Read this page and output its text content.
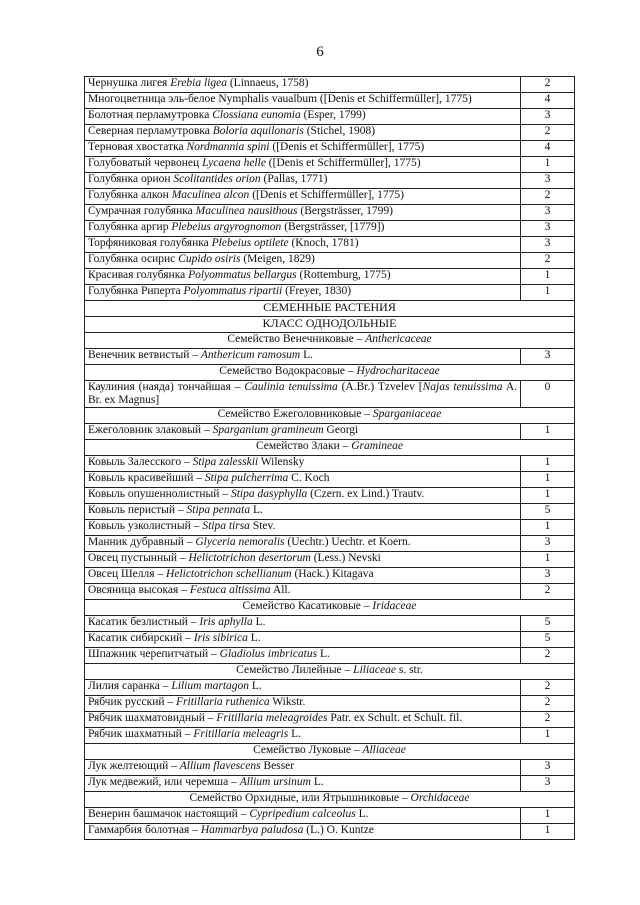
6
Чернушка лигея Erebia ligea (Linnaeus, 1758)	2
Многоцветница эль-белое Nymphalis vaualbum ([Denis et Schiffermüller], 1775)	4
Болотная перламутровка Clossiana eunomia (Esper, 1799)	3
Северная перламутровка Boloria aquilonaris (Stichel, 1908)	2
Терновая хвостатка Nordmannia spini ([Denis et Schiffermüller], 1775)	4
Голубоватый червонец Lycaena helle ([Denis et Schiffermüller], 1775)	1
Голубянка орион Scolitantides orion (Pallas, 1771)	3
Голубянка алкон Maculinea alcon ([Denis et Schiffermüller], 1775)	2
Сумрачная голубянка Maculinea nausithous (Bergsträsser, 1799)	3
Голубянка аргир Plebeius argyrognomon (Bergsträsser, [1779])	3
Торфяниковая голубянка Plebeius optilete (Knoch, 1781)	3
Голубянка осирис Cupido osiris (Meigen, 1829)	2
Красивая голубянка Polyommatus bellargus (Rottemburg, 1775)	1
Голубянка Риперта Polyommatus ripartii (Freyer, 1830)	1
СЕМЕННЫЕ РАСТЕНИЯ	
КЛАСС ОДНОДОЛЬНЫЕ	
Семейство Венечниковые – Anthericaceae	
Венечник ветвистый – Anthericum ramosum L.	3
Семейство Водокрасовые – Hydrocharitaceae	
Каулиния (наяда) тончайшая – Caulinia tenuissima (A.Br.) Tzvelev [Najas tenuissima A. Br. ex Magnus]	0
Семейство Ежеголовниковые – Sparganiaceae	
Ежеголовник злаковый – Sparganium gramineum Georgi	1
Семейство Злаки – Gramineae	
Ковыль Залесского – Stipa zalesskii Wilensky	1
Ковыль красивейший – Stipa pulcherrima C. Koch	1
Ковыль опушеннолистный – Stipa dasyphylla (Czern. ex Lind.) Trautv.	1
Ковыль перистый – Stipa pennata L.	5
Ковыль узколистный – Stipa tirsa Stev.	1
Манник дубравный – Glyceria nemoralis (Uechtr.) Uechtr. et Koern.	3
Овсец пустынный – Helictotrichon desertorum (Less.) Nevski	1
Овсец Шелля – Helictotrichon schellianum (Hack.) Kitagava	3
Овсяница высокая – Festuca altissima All.	2
Семейство Касатиковые – Iridaceae	
Касатик безлистный – Iris aphylla L.	5
Касатик сибирский – Iris sibirica L.	5
Шпажник черепитчатый – Gladiolus imbricatus L.	2
Семейство Лилейные – Liliaceae s. str.	
Лилия саранка – Lilium martagon L.	2
Рябчик русский – Fritillaria ruthenica Wikstr.	2
Рябчик шахматовидный – Fritillaria meleagroides Patr. ex Schult. et Schult. fil.	2
Рябчик шахматный – Fritillaria meleagris L.	1
Семейство Луковые – Alliaceae	
Лук желтеющий – Allium flavescens Besser	3
Лук медвежий, или черемша – Allium ursinum L.	3
Семейство Орхидные, или Ятрышниковые – Orchidaceae	
Венерин башмачок настоящий – Cypripedium calceolus L.	1
Гаммарбия болотная – Hammarbya paludosa (L.) O. Kuntze	1
